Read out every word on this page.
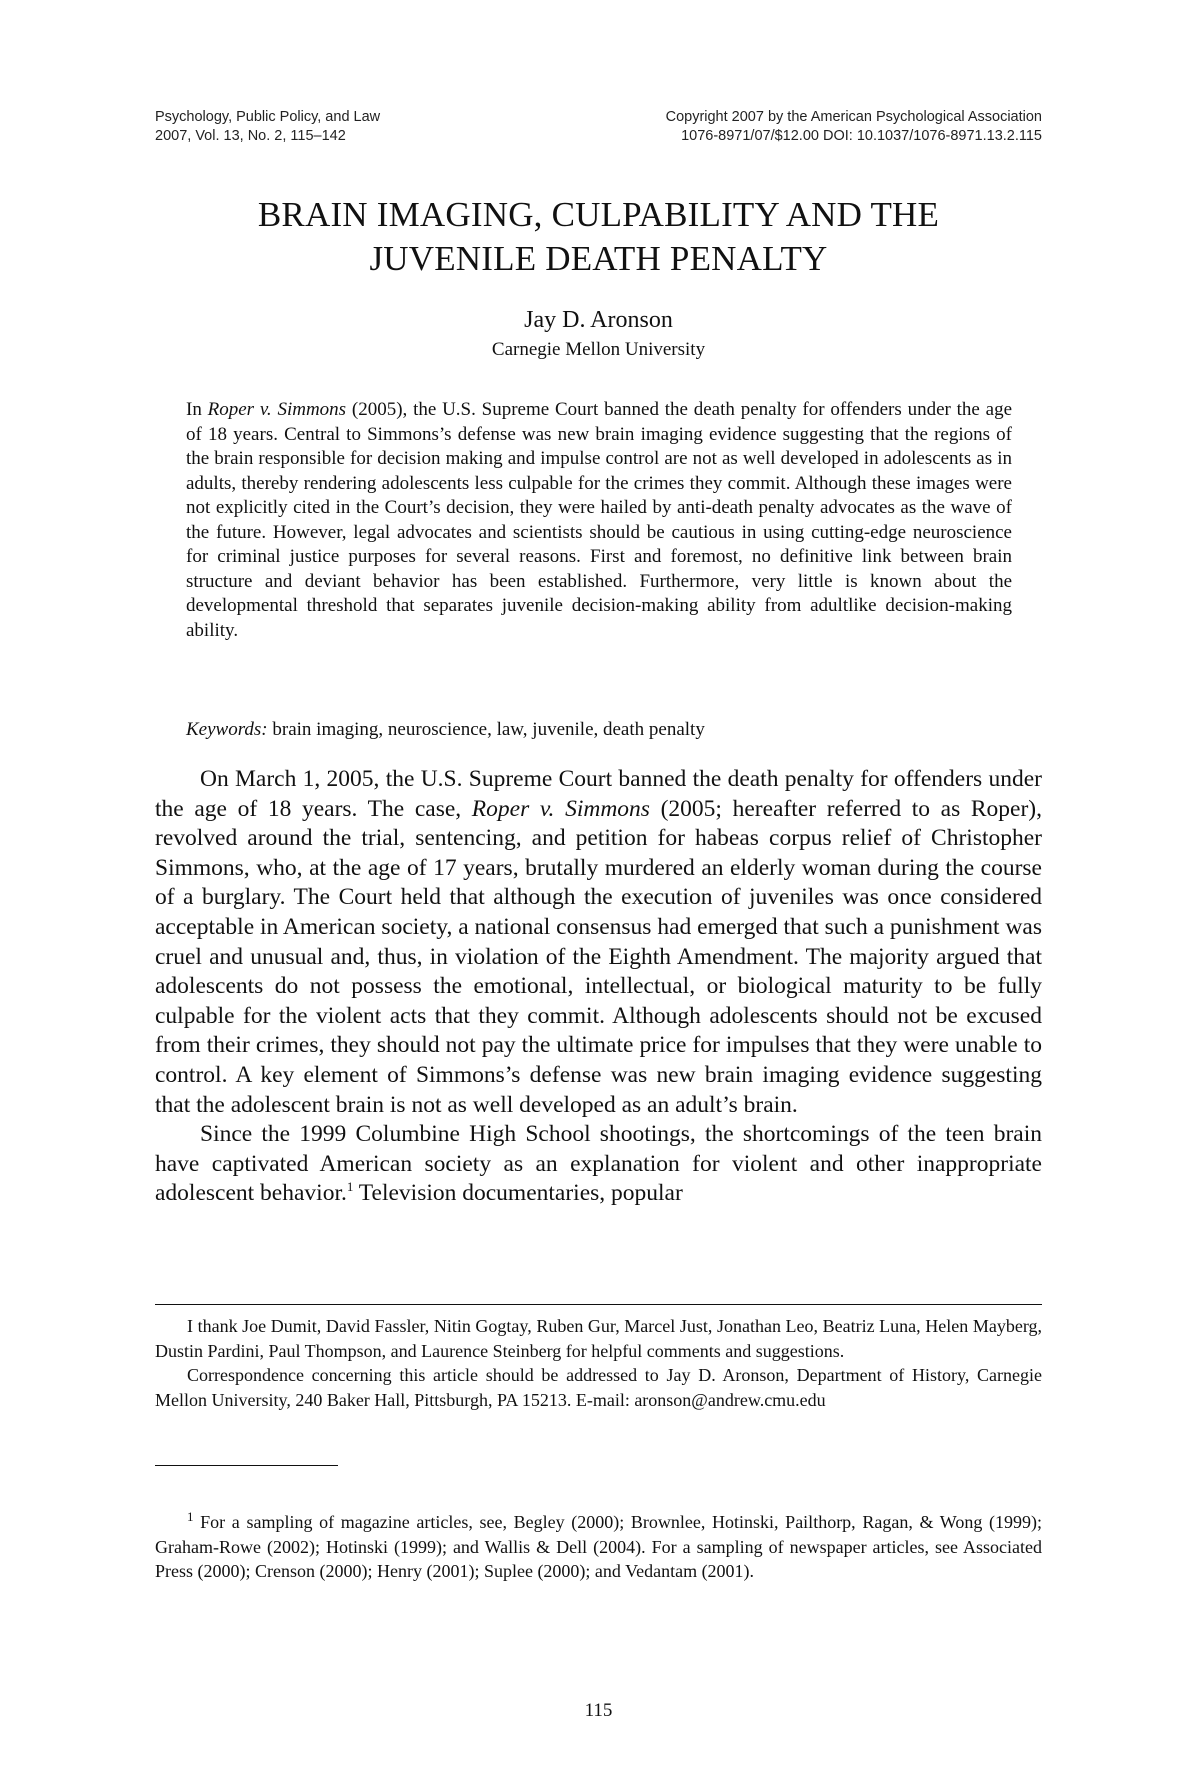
Psychology, Public Policy, and Law
2007, Vol. 13, No. 2, 115–142
Copyright 2007 by the American Psychological Association
1076-8971/07/$12.00 DOI: 10.1037/1076-8971.13.2.115
BRAIN IMAGING, CULPABILITY AND THE
JUVENILE DEATH PENALTY
Jay D. Aronson
Carnegie Mellon University

In Roper v. Simmons (2005), the U.S. Supreme Court banned the death penalty for offenders under the age of 18 years. Central to Simmons’s defense was new brain imaging evidence suggesting that the regions of the brain responsible for decision making and impulse control are not as well developed in adolescents as in adults, thereby rendering adolescents less culpable for the crimes they commit. Although these images were not explicitly cited in the Court’s decision, they were hailed by anti-death penalty advocates as the wave of the future. However, legal advocates and scientists should be cautious in using cutting-edge neuroscience for criminal justice purposes for several reasons. First and foremost, no definitive link between brain structure and deviant behavior has been established. Furthermore, very little is known about the developmental threshold that separates juvenile decision-making ability from adultlike decision-making ability.

Keywords: brain imaging, neuroscience, law, juvenile, death penalty

On March 1, 2005, the U.S. Supreme Court banned the death penalty for offenders under the age of 18 years. The case, Roper v. Simmons (2005; hereafter referred to as Roper), revolved around the trial, sentencing, and petition for habeas corpus relief of Christopher Simmons, who, at the age of 17 years, brutally murdered an elderly woman during the course of a burglary. The Court held that although the execution of juveniles was once considered acceptable in American society, a national consensus had emerged that such a punishment was cruel and unusual and, thus, in violation of the Eighth Amendment. The majority argued that adolescents do not possess the emotional, intellectual, or biological maturity to be fully culpable for the violent acts that they commit. Although adolescents should not be excused from their crimes, they should not pay the ultimate price for impulses that they were unable to control. A key element of Simmons’s defense was new brain imaging evidence suggesting that the adolescent brain is not as well developed as an adult’s brain.

Since the 1999 Columbine High School shootings, the shortcomings of the teen brain have captivated American society as an explanation for violent and other inappropriate adolescent behavior.$^1$ Television documentaries, popular

I thank Joe Dumit, David Fassler, Nitin Gogtay, Ruben Gur, Marcel Just, Jonathan Leo, Beatriz Luna, Helen Mayberg, Dustin Pardini, Paul Thompson, and Laurence Steinberg for helpful comments and suggestions.

Correspondence concerning this article should be addressed to Jay D. Aronson, Department of History, Carnegie Mellon University, 240 Baker Hall, Pittsburgh, PA 15213. E-mail: aronson@andrew.cmu.edu

$^1$ For a sampling of magazine articles, see, Begley (2000); Brownlee, Hotinski, Pailthorp, Ragan, & Wong (1999); Graham-Rowe (2002); Hotinski (1999); and Wallis & Dell (2004). For a sampling of newspaper articles, see Associated Press (2000); Crenson (2000); Henry (2001); Suplee (2000); and Vedantam (2001).

115
